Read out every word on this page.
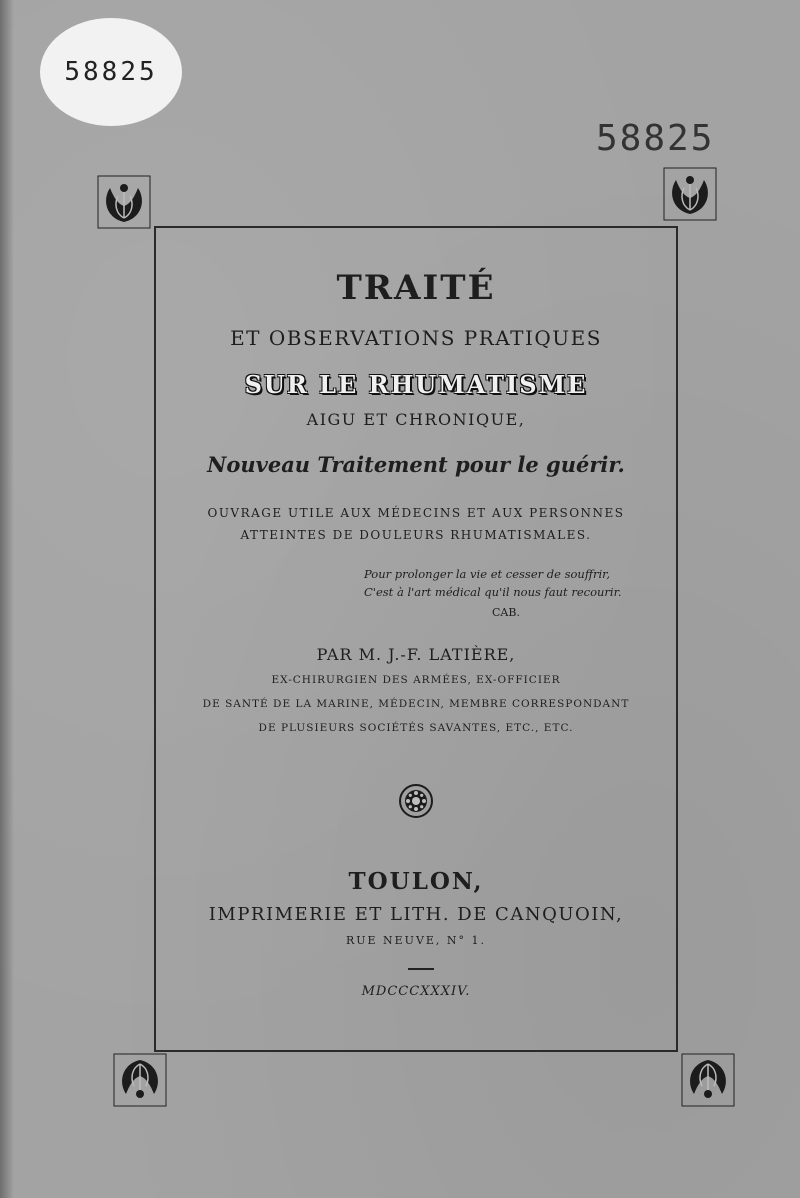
58825
58825
TRAITÉ
ET OBSERVATIONS PRATIQUES
SUR LE RHUMATISME
AIGU ET CHRONIQUE,
Nouveau Traitement pour le guérir.
OUVRAGE UTILE AUX MÉDECINS ET AUX PERSONNES
ATTEINTES DE DOULEURS RHUMATISMALES.
Pour prolonger la vie et cesser de souffrir,
C'est à l'art médical qu'il nous faut recourir.
CAB.
PAR M. J.-F. LATIÈRE,
EX-CHIRURGIEN DES ARMÉES, EX-OFFICIER
DE SANTÉ DE LA MARINE, MÉDECIN, MEMBRE CORRESPONDANT
DE PLUSIEURS SOCIÉTÉS SAVANTES, ETC., ETC.
TOULON,
IMPRIMERIE ET LITH. DE CANQUOIN,
RUE NEUVE, N° 1.
MDCCCXXXIV.
